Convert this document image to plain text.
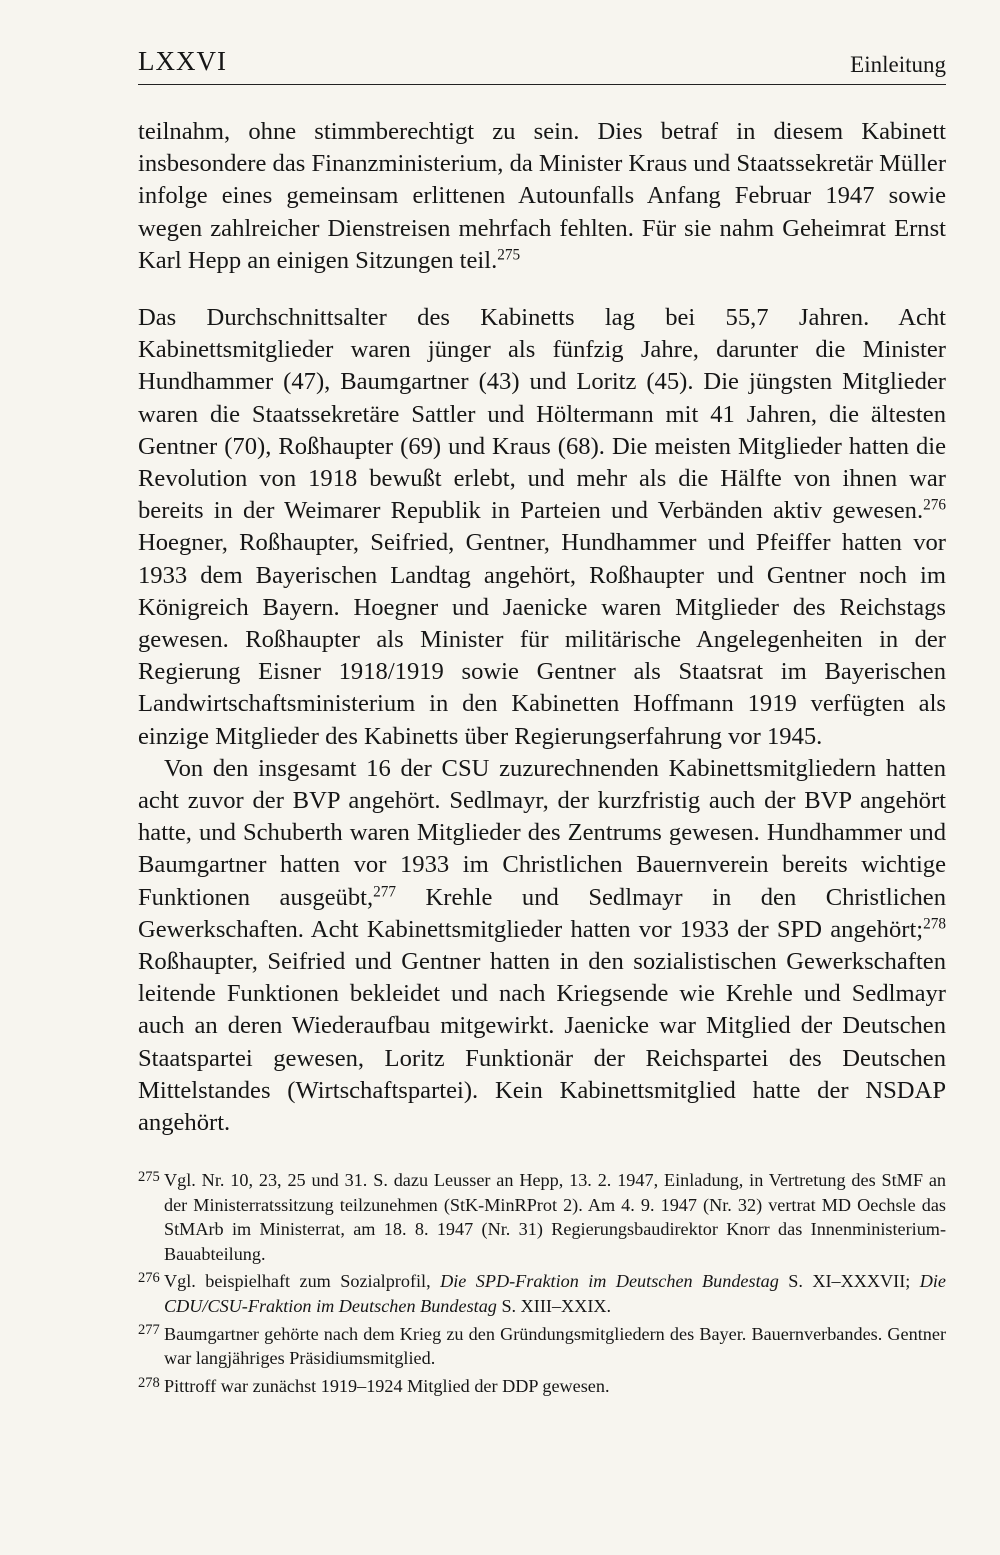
LXXVI	Einleitung

teilnahm, ohne stimmberechtigt zu sein. Dies betraf in diesem Kabinett insbesondere das Finanzministerium, da Minister Kraus und Staatssekretär Müller infolge eines gemeinsam erlittenen Autounfalls Anfang Februar 1947 sowie wegen zahlreicher Dienstreisen mehrfach fehlten. Für sie nahm Geheimrat Ernst Karl Hepp an einigen Sitzungen teil.$^{275}$

Das Durchschnittsalter des Kabinetts lag bei 55,7 Jahren. Acht Kabinettsmitglieder waren jünger als fünfzig Jahre, darunter die Minister Hundhammer (47), Baumgartner (43) und Loritz (45). Die jüngsten Mitglieder waren die Staatssekretäre Sattler und Höltermann mit 41 Jahren, die ältesten Gentner (70), Roßhaupter (69) und Kraus (68). Die meisten Mitglieder hatten die Revolution von 1918 bewußt erlebt, und mehr als die Hälfte von ihnen war bereits in der Weimarer Republik in Parteien und Verbänden aktiv gewesen.$^{276}$ Hoegner, Roßhaupter, Seifried, Gentner, Hundhammer und Pfeiffer hatten vor 1933 dem Bayerischen Landtag angehört, Roßhaupter und Gentner noch im Königreich Bayern. Hoegner und Jaenicke waren Mitglieder des Reichstags gewesen. Roßhaupter als Minister für militärische Angelegenheiten in der Regierung Eisner 1918/1919 sowie Gentner als Staatsrat im Bayerischen Landwirtschaftsministerium in den Kabinetten Hoffmann 1919 verfügten als einzige Mitglieder des Kabinetts über Regierungserfahrung vor 1945.

Von den insgesamt 16 der CSU zuzurechnenden Kabinettsmitgliedern hatten acht zuvor der BVP angehört. Sedlmayr, der kurzfristig auch der BVP angehört hatte, und Schuberth waren Mitglieder des Zentrums gewesen. Hundhammer und Baumgartner hatten vor 1933 im Christlichen Bauernverein bereits wichtige Funktionen ausgeübt,$^{277}$ Krehle und Sedlmayr in den Christlichen Gewerkschaften. Acht Kabinettsmitglieder hatten vor 1933 der SPD angehört;$^{278}$ Roßhaupter, Seifried und Gentner hatten in den sozialistischen Gewerkschaften leitende Funktionen bekleidet und nach Kriegsende wie Krehle und Sedlmayr auch an deren Wiederaufbau mitgewirkt. Jaenicke war Mitglied der Deutschen Staatspartei gewesen, Loritz Funktionär der Reichspartei des Deutschen Mittelstandes (Wirtschaftspartei). Kein Kabinettsmitglied hatte der NSDAP angehört.

275 Vgl. Nr. 10, 23, 25 und 31. S. dazu Leusser an Hepp, 13. 2. 1947, Einladung, in Vertretung des StMF an der Ministerratssitzung teilzunehmen (StK-MinRProt 2). Am 4. 9. 1947 (Nr. 32) vertrat MD Oechsle das StMArb im Ministerrat, am 18. 8. 1947 (Nr. 31) Regierungsbaudirektor Knorr das Innenministerium-Bauabteilung.

276 Vgl. beispielhaft zum Sozialprofil, Die SPD-Fraktion im Deutschen Bundestag S. XI–XXXVII; Die CDU/CSU-Fraktion im Deutschen Bundestag S. XIII–XXIX.

277 Baumgartner gehörte nach dem Krieg zu den Gründungsmitgliedern des Bayer. Bauernverbandes. Gentner war langjähriges Präsidiumsmitglied.

278 Pittroff war zunächst 1919–1924 Mitglied der DDP gewesen.
